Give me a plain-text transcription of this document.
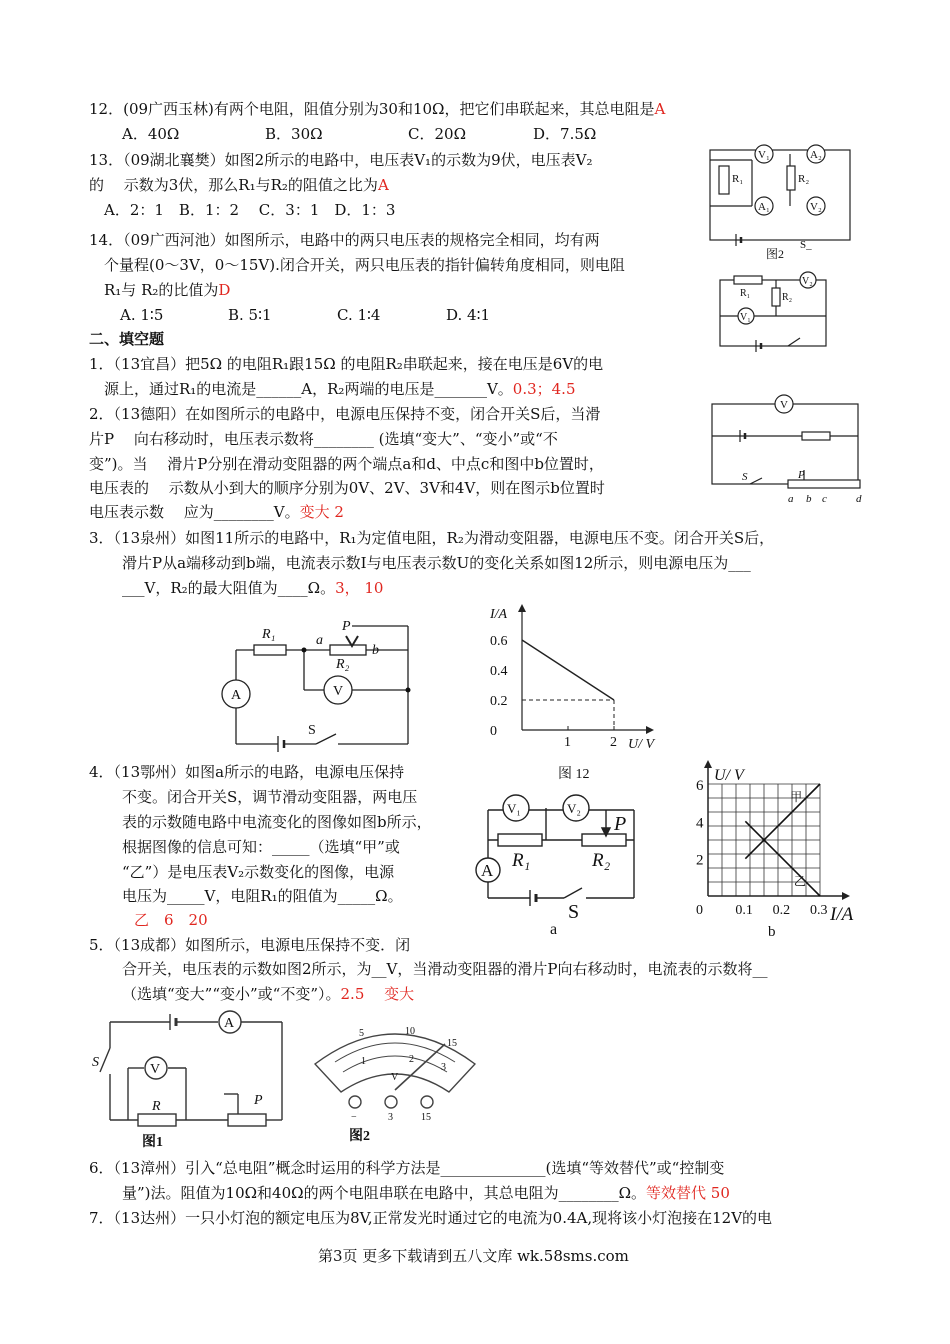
12．(09广西玉林)有两个电阻，阻值分别为30和10Ω，把它们串联起来，其总电阻是A
A．40Ω	B．30Ω	C．20Ω	D．7.5Ω
13．（09湖北襄樊）如图2所示的电路中，电压表V₁的示数为9伏，电压表V₂
的　 示数为3伏，那么R₁与R₂的阻值之比为A
A．2：1　B．1：2　 C．3：1　D．1：3
14．（09广西河池）如图所示，电路中的两只电压表的规格完全相同，均有两
个量程(0～3V，0～15V).闭合开关，两只电压表的指针偏转角度相同，则电阻
R₁与 R₂的比值为D
A. 1∶5	B. 5∶1	C. 1∶4	D. 4∶1
二、填空题
1．（13宜昌）把5Ω 的电阻R₁跟15Ω 的电阻R₂串联起来，接在电压是6V的电
源上，通过R₁的电流是______A，R₂两端的电压是_______V。0.3；4.5
2．（13德阳）在如图所示的电路中，电源电压保持不变，闭合开关S后，当滑
片P　 向右移动时，电压表示数将________ (选填“变大”、“变小”或“不
变”)。当　 滑片P分别在滑动变阻器的两个端点a和d、中点c和图中b位置时，
电压表的　 示数从小到大的顺序分别为0V、2V、3V和4V，则在图示b位置时
电压表示数　 应为________V。变大 2
3．（13泉州）如图11所示的电路中，R₁为定值电阻，R₂为滑动变阻器，电源电压不变。闭合开关S后，
滑片P从a端移动到b端，电流表示数I与电压表示数U的变化关系如图12所示，则电源电压为___
___V，R₂的最大阻值为____Ω。3， 10
4．（13鄂州）如图a所示的电路，电源电压保持
不变。闭合开关S，调节滑动变阻器，两电压
表的示数随电路中电流变化的图像如图b所示，
根据图像的信息可知：_____（选填“甲”或
“乙”）是电压表V₂示数变化的图像，电源
电压为_____V，电阻R₁的阻值为_____Ω。
乙　6　20
5．（13成都）如图所示，电源电压保持不变．闭
合开关，电压表的示数如图2所示，为__V，当滑动变阻器的滑片P向右移动时，电流表的示数将__
（选填“变大”“变小”或“不变”）。2.5　 变大
6．（13漳州）引入“总电阻”概念时运用的科学方法是______________(选填“等效替代”或“控制变
量”)法。阻值为10Ω和40Ω的两个电阻串联在电路中，其总电阻为________Ω。等效替代 50
7．（13达州）一只小灯泡的额定电压为8V,正常发光时通过它的电流为0.4A,现将该小灯泡接在12V的电
第3页 更多下载请到五八文库 wk.58sms.com
V₁	A₂
A₁	V₂
R₁	R₂
图2
S_
R₁	R₂
V₁
V₂
V
S	P
a b c	d
R₁
R₂
a
b
P
A	V
S
I/A
U/ V
图 12
0.6
0.4
0.2
0
1	2
V₁	V₂
P
R₁	R₂
A
S
a
U/ V
I/A
b
6
4
2
0 0.1 0.2 0.3
甲
乙
A
V
S
R	P
图1
5	10
15
1	2
3
V
−	3	15
图2
